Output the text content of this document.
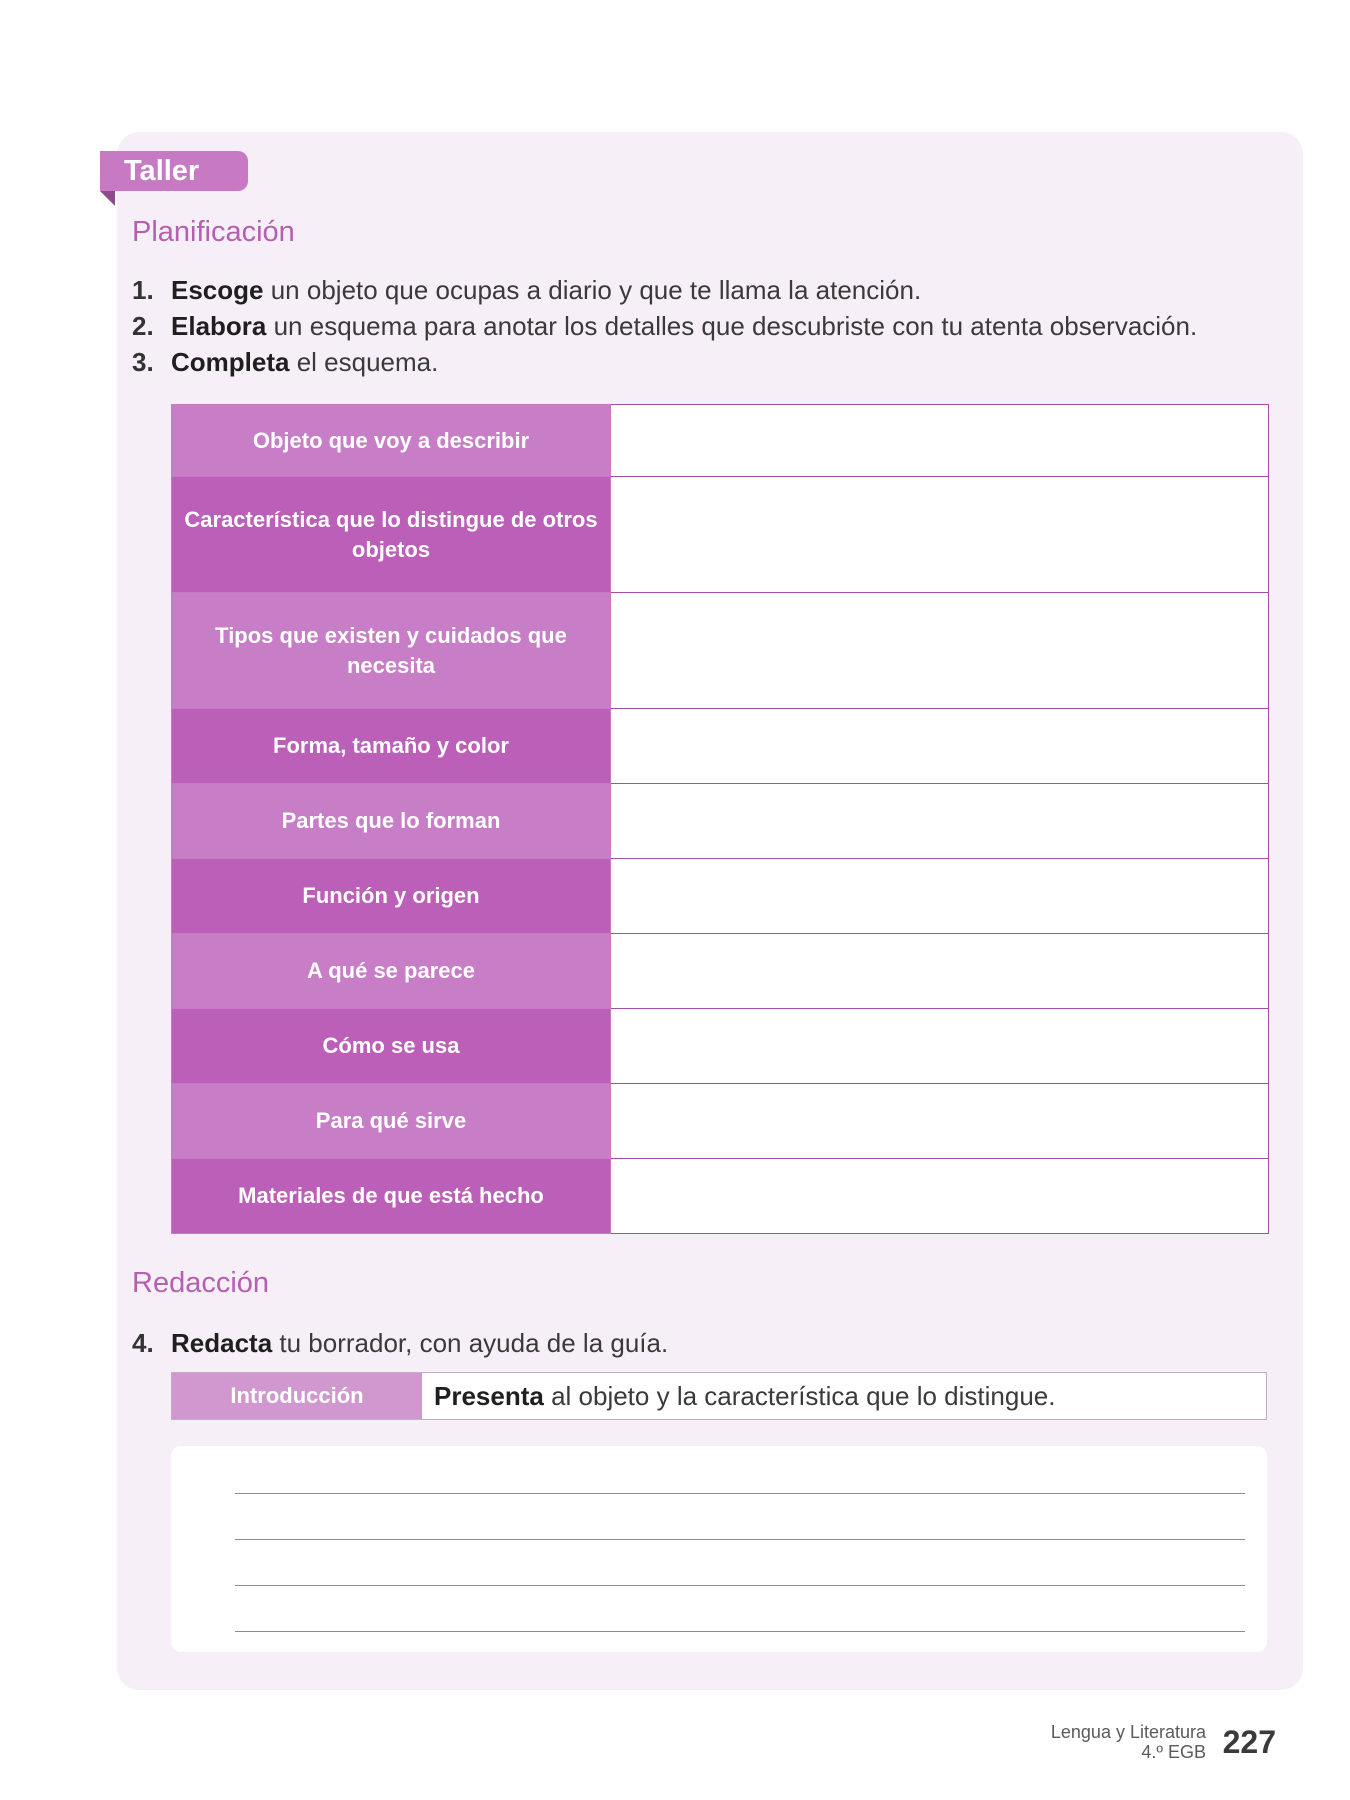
Taller
Planificación
1. Escoge un objeto que ocupas a diario y que te llama la atención.
2. Elabora un esquema para anotar los detalles que descubriste con tu atenta observación.
3. Completa el esquema.
Objeto que voy a describir	
Característica que lo distingue de otros objetos	
Tipos que existen y cuidados que necesita	
Forma, tamaño y color	
Partes que lo forman	
Función y origen	
A qué se parece	
Cómo se usa	
Para qué sirve	
Materiales de que está hecho	
Redacción
4. Redacta tu borrador, con ayuda de la guía.
Introducción	Presenta al objeto y la característica que lo distingue.
Lengua y Literatura
4.º EGB 227
